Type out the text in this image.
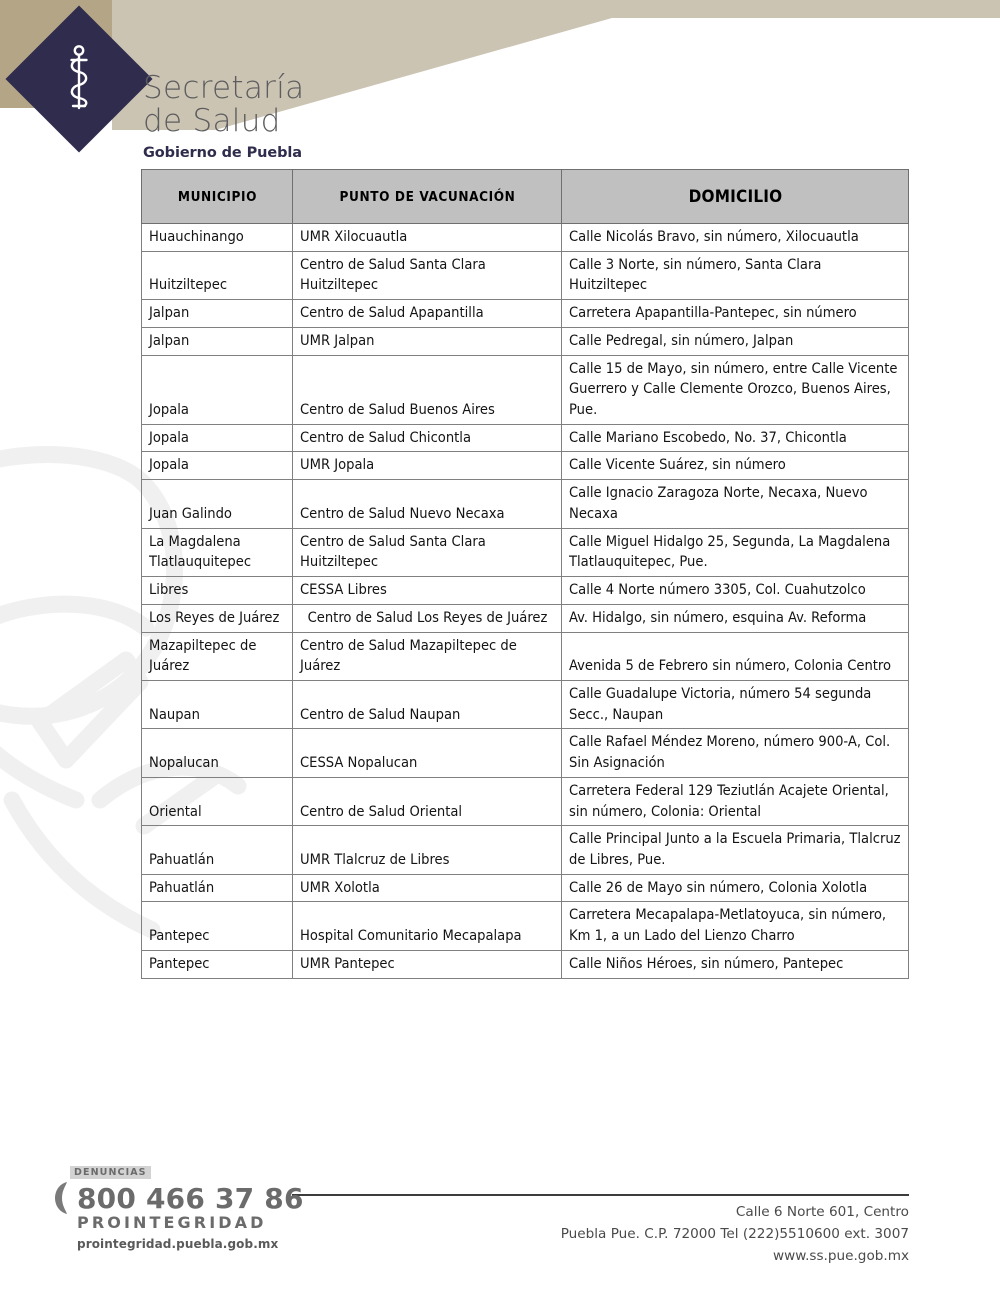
Secretaría
de Salud
Gobierno de Puebla
MUNICIPIO	PUNTO DE VACUNACIÓN	DOMICILIO
Huauchinango	UMR Xilocuautla	Calle Nicolás Bravo, sin número, Xilocuautla
Huitziltepec	Centro de Salud Santa Clara Huitziltepec	Calle 3 Norte, sin número, Santa Clara Huitziltepec
Jalpan	Centro de Salud Apapantilla	Carretera Apapantilla-Pantepec, sin número
Jalpan	UMR Jalpan	Calle Pedregal, sin número, Jalpan
Jopala	Centro de Salud Buenos Aires	Calle 15 de Mayo, sin número, entre Calle Vicente Guerrero y Calle Clemente Orozco, Buenos Aires, Pue.
Jopala	Centro de Salud Chicontla	Calle Mariano Escobedo, No. 37, Chicontla
Jopala	UMR Jopala	Calle Vicente Suárez, sin número
Juan Galindo	Centro de Salud Nuevo Necaxa	Calle Ignacio Zaragoza Norte, Necaxa, Nuevo Necaxa
La Magdalena Tlatlauquitepec	Centro de Salud Santa Clara Huitziltepec	Calle Miguel Hidalgo 25, Segunda, La Magdalena Tlatlauquitepec, Pue.
Libres	CESSA Libres	Calle 4 Norte número 3305, Col. Cuahutzolco
Los Reyes de Juárez	Centro de Salud Los Reyes de Juárez	Av. Hidalgo, sin número, esquina Av. Reforma
Mazapiltepec de Juárez	Centro de Salud Mazapiltepec de Juárez	Avenida 5 de Febrero sin número, Colonia Centro
Naupan	Centro de Salud Naupan	Calle Guadalupe Victoria, número 54 segunda Secc., Naupan
Nopalucan	CESSA Nopalucan	Calle Rafael Méndez Moreno, número 900-A, Col. Sin Asignación
Oriental	Centro de Salud Oriental	Carretera Federal 129 Teziutlán Acajete Oriental, sin número, Colonia: Oriental
Pahuatlán	UMR Tlalcruz de Libres	Calle Principal Junto a la Escuela Primaria, Tlalcruz de Libres, Pue.
Pahuatlán	UMR Xolotla	Calle 26 de Mayo sin número, Colonia Xolotla
Pantepec	Hospital Comunitario Mecapalapa	Carretera Mecapalapa-Metlatoyuca, sin número, Km 1, a un Lado del Lienzo Charro
Pantepec	UMR Pantepec	Calle Niños Héroes, sin número, Pantepec
DENUNCIAS
800 466 37 86
PROINTEGRIDAD
prointegridad.puebla.gob.mx
Calle 6 Norte 601, Centro
Puebla Pue. C.P. 72000 Tel (222)5510600 ext. 3007
www.ss.pue.gob.mx
